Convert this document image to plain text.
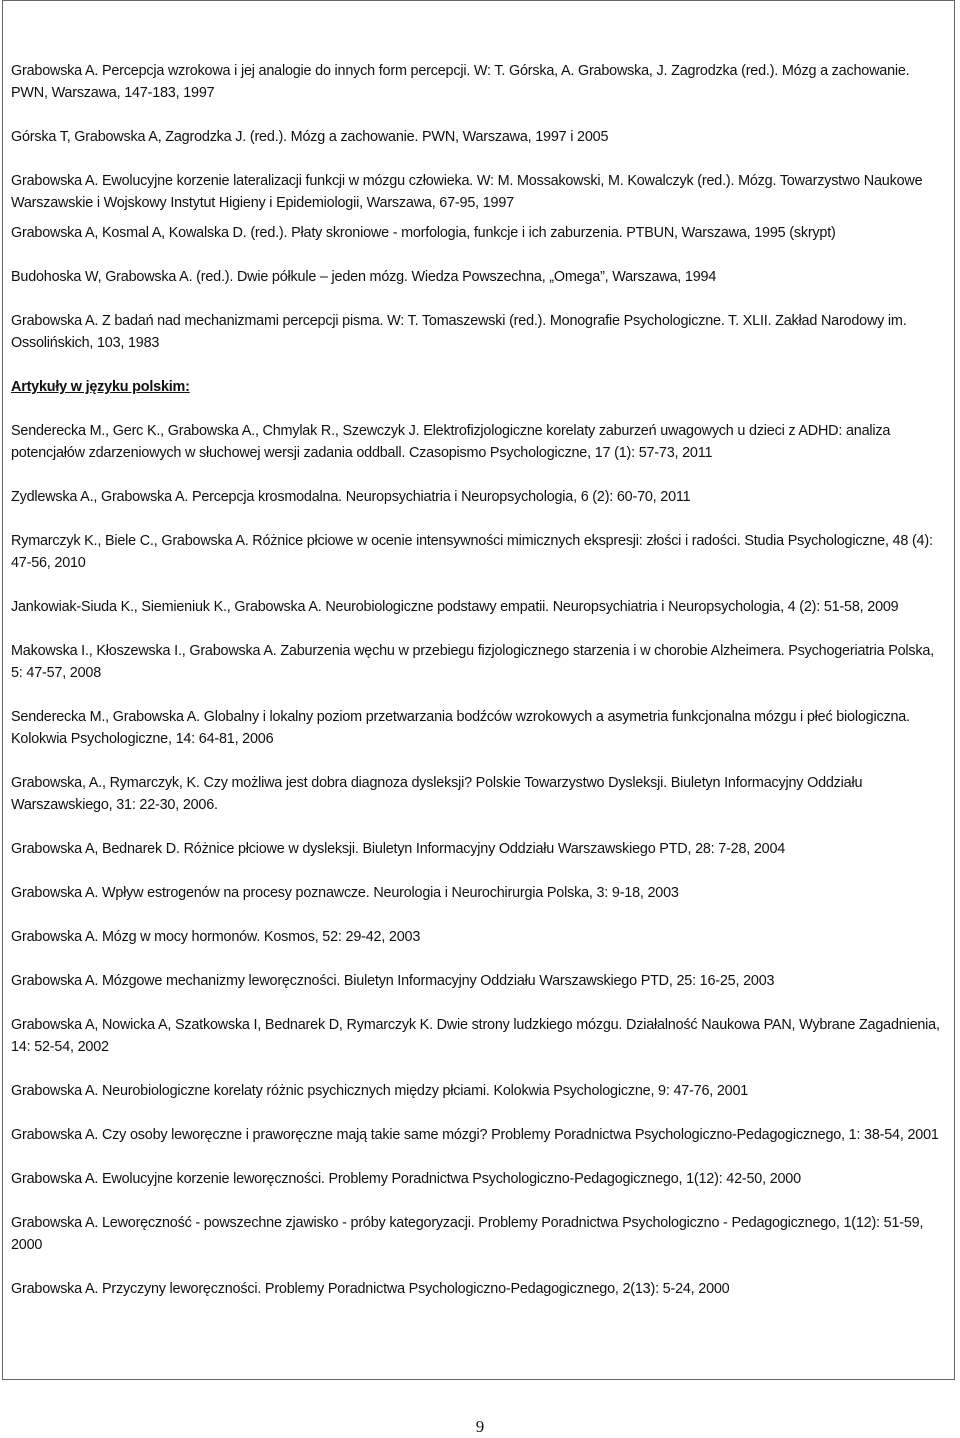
Grabowska A. Percepcja wzrokowa i jej analogie do innych form percepcji. W: T. Górska, A. Grabowska, J. Zagrodzka (red.). Mózg a zachowanie. PWN, Warszawa, 147-183, 1997

Górska T, Grabowska A, Zagrodzka J. (red.). Mózg a zachowanie. PWN, Warszawa, 1997 i 2005

Grabowska A. Ewolucyjne korzenie lateralizacji funkcji w mózgu człowieka. W: M. Mossakowski, M. Kowalczyk (red.). Mózg. Towarzystwo Naukowe Warszawskie i Wojskowy Instytut Higieny i Epidemiologii, Warszawa, 67-95, 1997

Grabowska A, Kosmal A, Kowalska D. (red.). Płaty skroniowe - morfologia, funkcje i ich zaburzenia. PTBUN, Warszawa, 1995 (skrypt)

Budohoska W, Grabowska A. (red.). Dwie półkule – jeden mózg. Wiedza Powszechna, „Omega”, Warszawa, 1994

Grabowska A. Z badań nad mechanizmami percepcji pisma. W: T. Tomaszewski (red.). Monografie Psychologiczne. T. XLII. Zakład Narodowy im. Ossolińskich, 103, 1983

Artykuły w języku polskim:

Senderecka M., Gerc K., Grabowska A., Chmylak R., Szewczyk J. Elektrofizjologiczne korelaty zaburzeń uwagowych u dzieci z ADHD: analiza potencjałów zdarzeniowych w słuchowej wersji zadania oddball. Czasopismo Psychologiczne, 17 (1): 57-73, 2011

Zydlewska A., Grabowska A. Percepcja krosmodalna. Neuropsychiatria i Neuropsychologia, 6 (2): 60-70, 2011

Rymarczyk K., Biele C., Grabowska A. Różnice płciowe w ocenie intensywności mimicznych ekspresji: złości i radości. Studia Psychologiczne, 48 (4): 47-56, 2010

Jankowiak-Siuda K., Siemieniuk K., Grabowska A. Neurobiologiczne podstawy empatii. Neuropsychiatria i Neuropsychologia, 4 (2): 51-58, 2009

Makowska I., Kłoszewska I., Grabowska A. Zaburzenia węchu w przebiegu fizjologicznego starzenia i w chorobie Alzheimera. Psychogeriatria Polska, 5: 47-57, 2008

Senderecka M., Grabowska A. Globalny i lokalny poziom przetwarzania bodźców wzrokowych a asymetria funkcjonalna mózgu i płeć biologiczna. Kolokwia Psychologiczne, 14: 64-81, 2006

Grabowska, A., Rymarczyk, K. Czy możliwa jest dobra diagnoza dysleksji? Polskie Towarzystwo Dysleksji. Biuletyn Informacyjny Oddziału Warszawskiego, 31: 22-30, 2006.

Grabowska A, Bednarek D. Różnice płciowe w dysleksji. Biuletyn Informacyjny Oddziału Warszawskiego PTD, 28: 7-28, 2004

Grabowska A. Wpływ estrogenów na procesy poznawcze. Neurologia i Neurochirurgia Polska, 3: 9-18, 2003

Grabowska A. Mózg w mocy hormonów. Kosmos, 52: 29-42, 2003

Grabowska A. Mózgowe mechanizmy leworęczności. Biuletyn Informacyjny Oddziału Warszawskiego PTD, 25: 16-25, 2003

Grabowska A, Nowicka A, Szatkowska I, Bednarek D, Rymarczyk K. Dwie strony ludzkiego mózgu. Działalność Naukowa PAN, Wybrane Zagadnienia, 14: 52-54, 2002

Grabowska A. Neurobiologiczne korelaty różnic psychicznych między płciami. Kolokwia Psychologiczne, 9: 47-76, 2001

Grabowska A. Czy osoby leworęczne i praworęczne mają takie same mózgi? Problemy Poradnictwa Psychologiczno-Pedagogicznego, 1: 38-54, 2001

Grabowska A. Ewolucyjne korzenie leworęczności. Problemy Poradnictwa Psychologiczno-Pedagogicznego, 1(12): 42-50, 2000

Grabowska A. Leworęczność - powszechne zjawisko - próby kategoryzacji. Problemy Poradnictwa Psychologiczno - Pedagogicznego, 1(12): 51-59, 2000

Grabowska A. Przyczyny leworęczności. Problemy Poradnictwa Psychologiczno-Pedagogicznego, 2(13): 5-24, 2000

9
